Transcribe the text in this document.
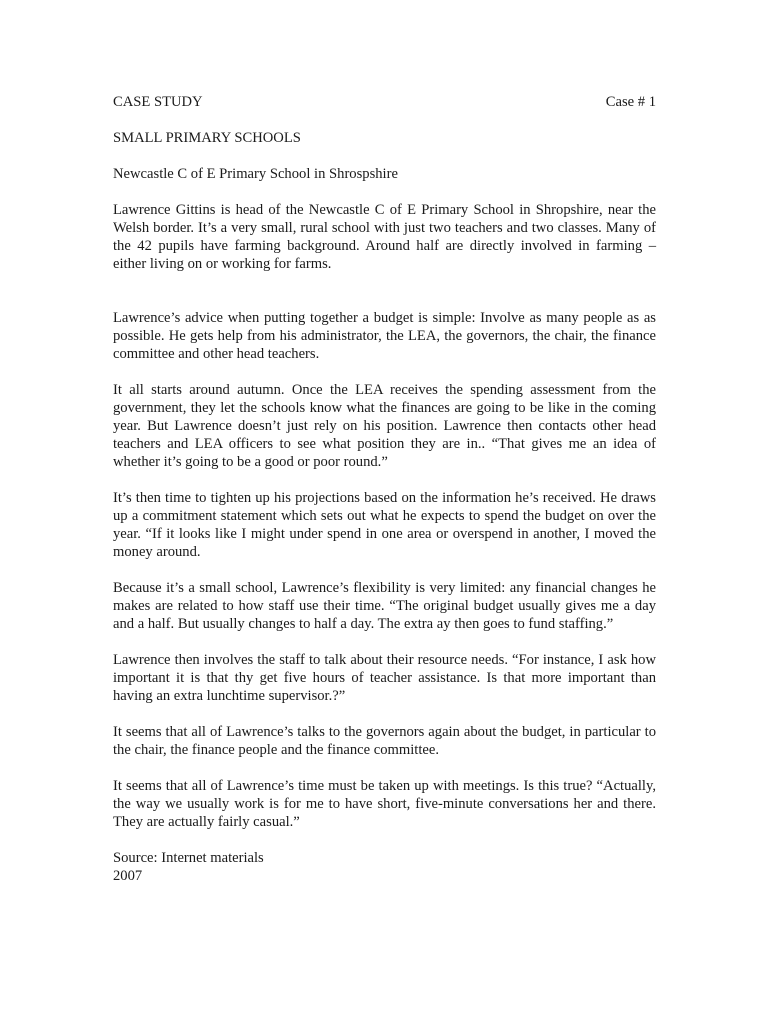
CASE STUDY	Case # 1
SMALL PRIMARY SCHOOLS
Newcastle C of E Primary School in Shrospshire

Lawrence Gittins is head of the Newcastle C of E Primary School in Shropshire, near the Welsh border. It’s a very small, rural school with just two teachers and two classes. Many of the 42 pupils have farming background. Around half are directly involved in farming – either living on or working for farms.

Lawrence’s advice when putting together a budget is simple: Involve as many people as as possible. He gets help from his administrator, the LEA, the governors, the chair, the finance committee and other head teachers.

It all starts around autumn. Once the LEA receives the spending assessment from the government, they let the schools know what the finances are going to be like in the coming year. But Lawrence doesn’t just rely on his position. Lawrence then contacts other head teachers and LEA officers to see what position they are in.. “That gives me an idea of whether it’s going to be a good or poor round.”

It’s then time to tighten up his projections based on the information he’s received. He draws up a commitment statement which sets out what he expects to spend the budget on over the year. “If it looks like I might under spend in one area or overspend in another, I moved the money around.

Because it’s a small school, Lawrence’s flexibility is very limited: any financial changes he makes are related to how staff use their time. “The original budget usually gives me a day and a half. But usually changes to half a day. The extra ay then goes to fund staffing.”

Lawrence then involves the staff to talk about their resource needs. “For instance, I ask how important it is that thy get five hours of teacher assistance. Is that more important than having an extra lunchtime supervisor.?”

It seems that all of Lawrence’s talks to the governors again about the budget, in particular to the chair, the finance people and the finance committee.

It seems that all of Lawrence’s time must be taken up with meetings. Is this true? “Actually, the way we usually work is for me to have short, five-minute conversations her and there. They are actually fairly casual.”

Source: Internet materials
2007
